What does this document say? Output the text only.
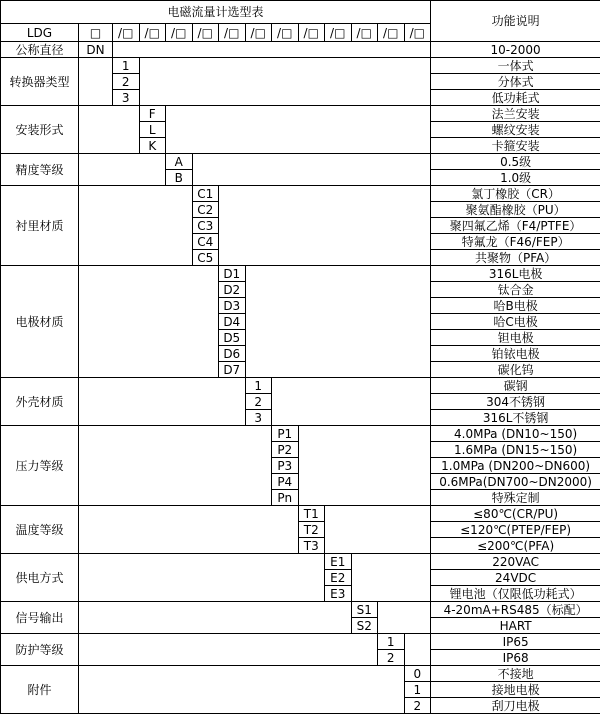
电磁流量计选型表														功能说明
LDG	□	/□	/□	/□	/□	/□	/□	/□	/□	/□	/□	/□	/□	
公称直径	DN													10-2000
转换器类型		1												一体式
		2												分体式
		3												低功耗式
安装形式			F											法兰安装
			L											螺纹安装
			K											卡箍安装
精度等级				A										0.5级
				B										1.0级
衬里材质					C1									氯丁橡胶（CR）
					C2									聚氨酯橡胶（PU）
					C3									聚四氟乙烯（F4/PTFE）
					C4									特氟龙（F46/FEP）
					C5									共聚物（PFA）
电极材质						D1								316L电极
						D2								钛合金
						D3								哈B电极
						D4								哈C电极
						D5								钽电极
						D6								铂铱电极
						D7								碳化钨
外壳材质							1							碳钢
							2							304不锈钢
							3							316L不锈钢
压力等级								P1						4.0MPa (DN10~150)
								P2						1.6MPa (DN15~150)
								P3						1.0MPa (DN200~DN600)
								P4						0.6MPa(DN700~DN2000)
								Pn						特殊定制
温度等级									T1					≤80℃(CR/PU)
									T2					≤120℃(PTEP/FEP)
									T3					≤200℃(PFA)
供电方式										E1				220VAC
										E2				24VDC
										E3				锂电池（仅限低功耗式）
信号输出											S1			4-20mA+RS485（标配）
											S2			HART
防护等级												1		IP65
												2		IP68
附件													0	不接地
													1	接地电极
													2	刮刀电极
